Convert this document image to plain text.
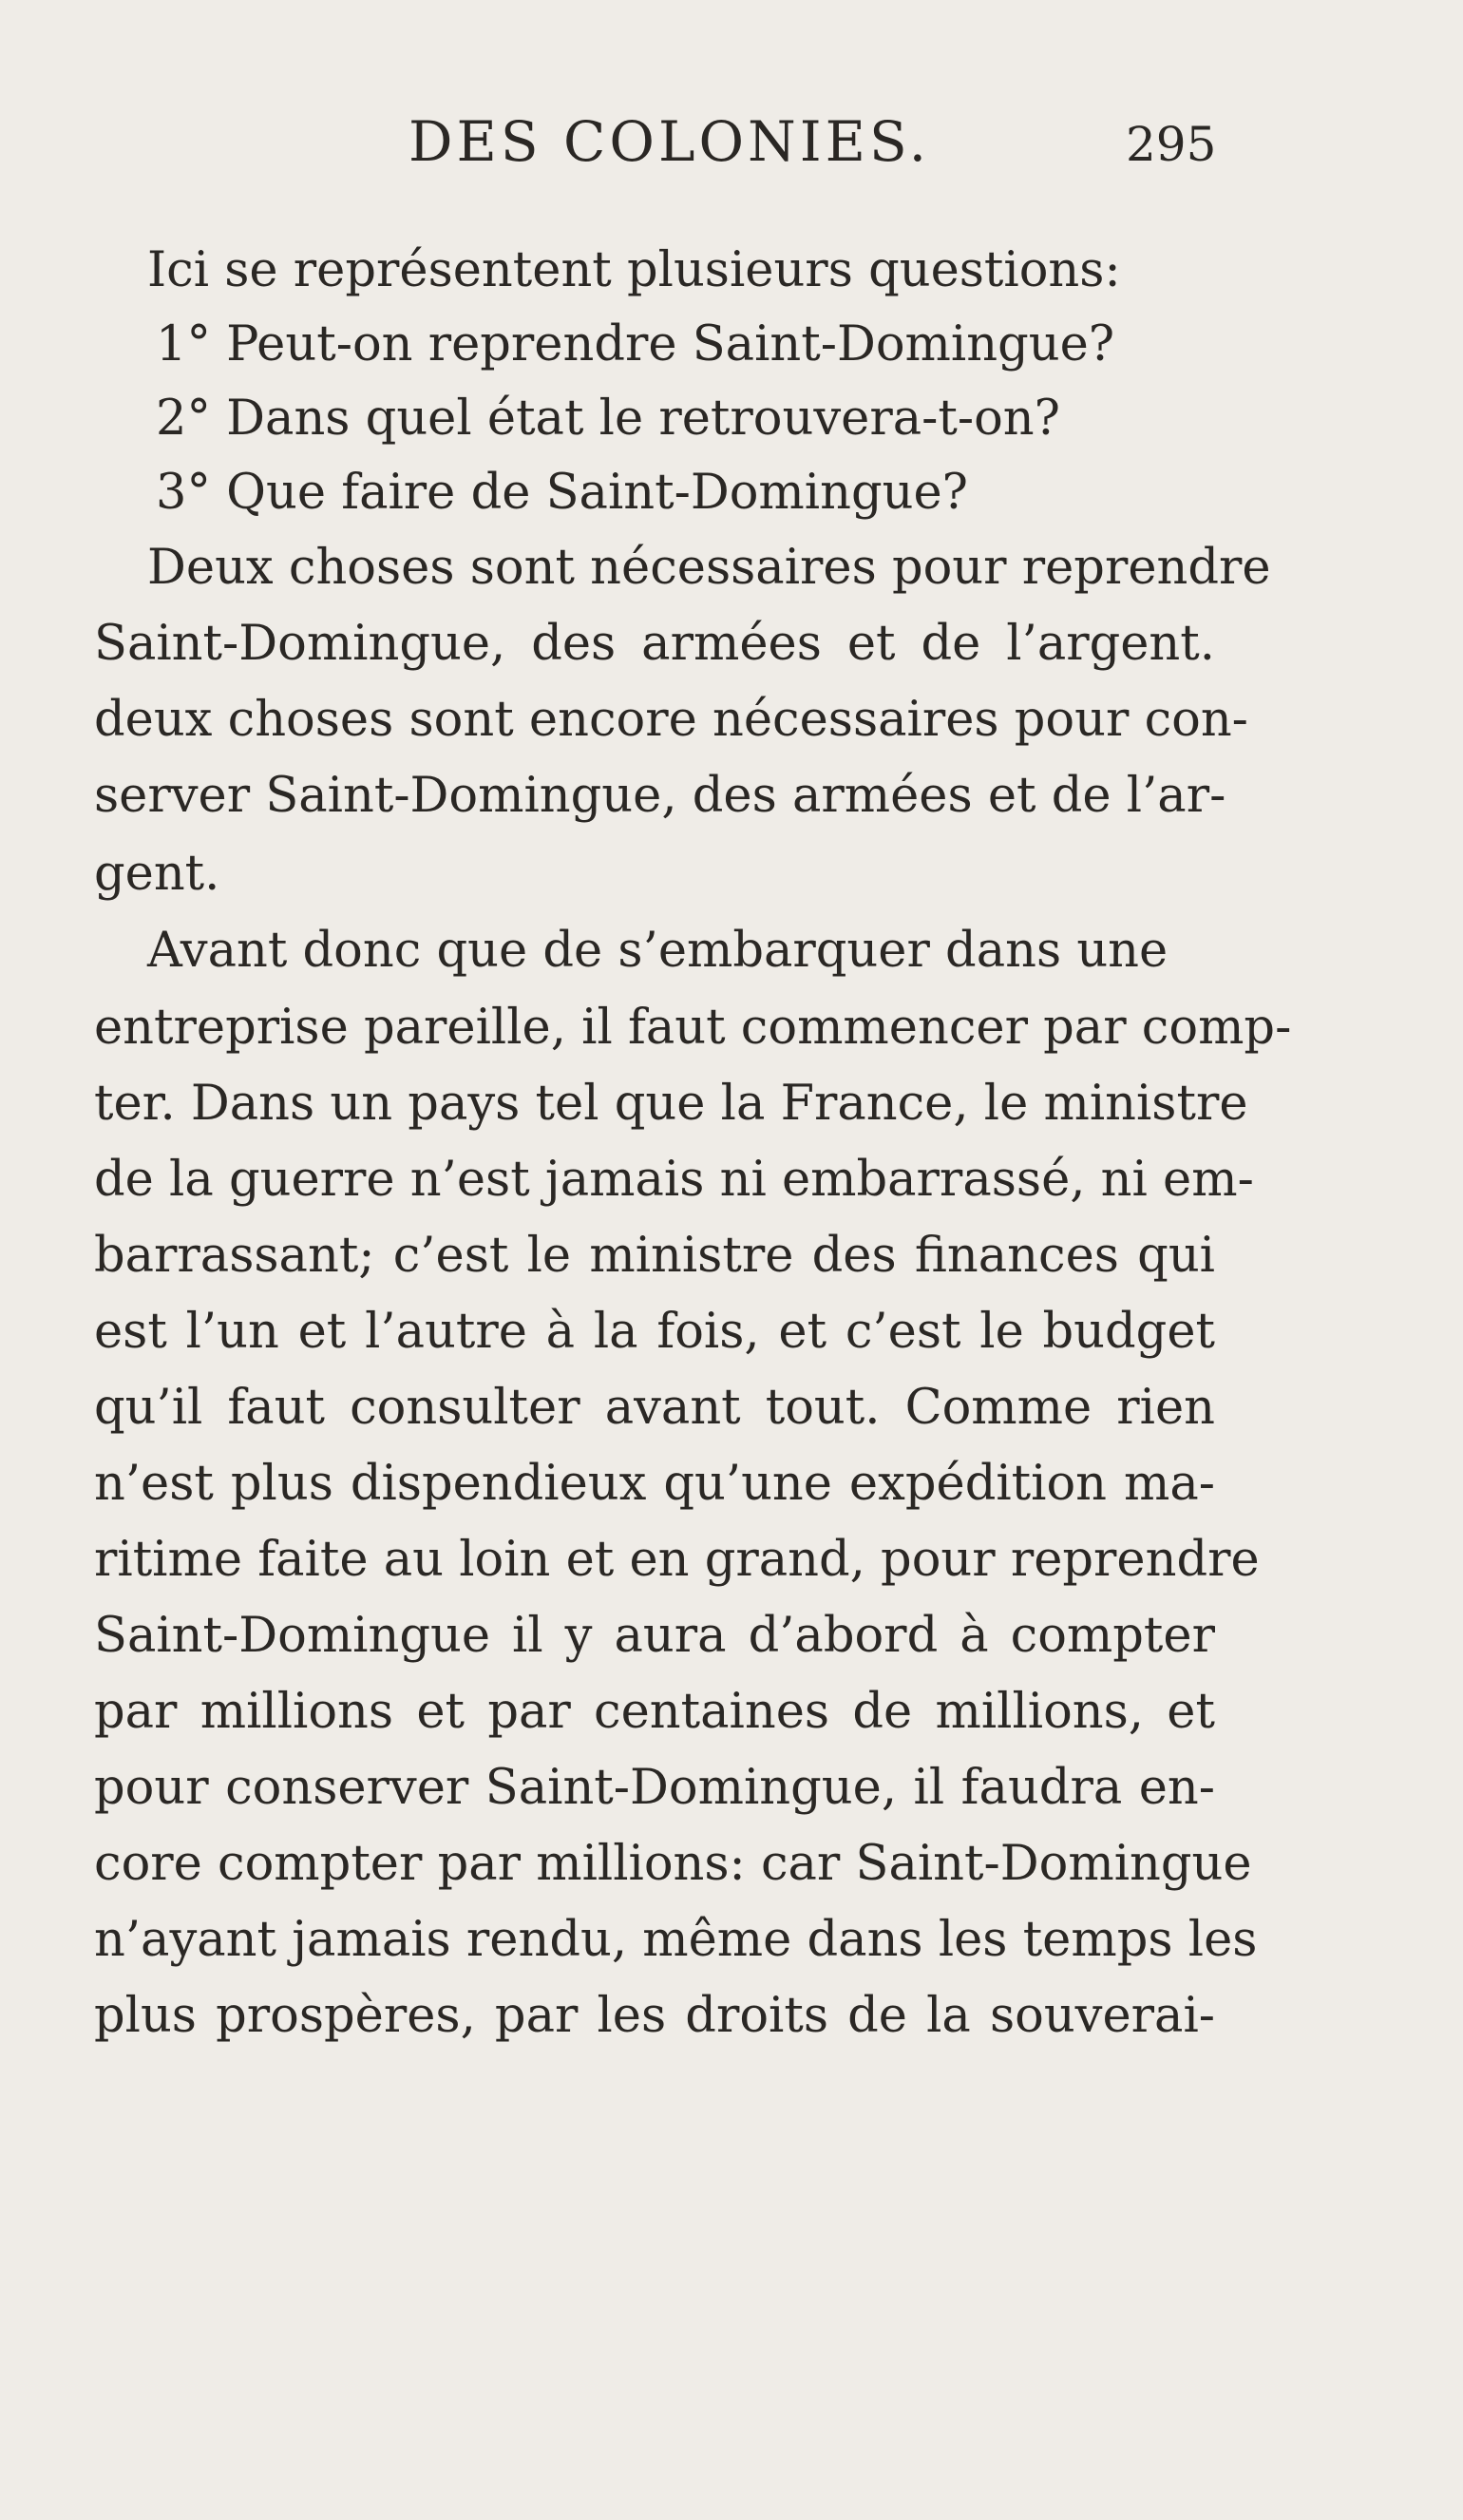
DES COLONIES.	295
Ici se représentent plusieurs questions:
1° Peut-on reprendre Saint-Domingue?
2° Dans quel état le retrouvera-t-on?
3° Que faire de Saint-Domingue?
Deux choses sont nécessaires pour reprendre
Saint-Domingue, des armées et de l’argent.
deux choses sont encore nécessaires pour con-
server Saint-Domingue, des armées et de l’ar-
gent.
Avant donc que de s’embarquer dans une
entreprise pareille, il faut commencer par comp-
ter. Dans un pays tel que la France, le ministre
de la guerre n’est jamais ni embarrassé, ni em-
barrassant; c’est le ministre des finances qui
est l’un et l’autre à la fois, et c’est le budget
qu’il faut consulter avant tout. Comme rien
n’est plus dispendieux qu’une expédition ma-
ritime faite au loin et en grand, pour reprendre
Saint-Domingue il y aura d’abord à compter
par millions et par centaines de millions, et
pour conserver Saint-Domingue, il faudra en-
core compter par millions: car Saint-Domingue
n’ayant jamais rendu, même dans les temps les
plus prospères, par les droits de la souverai-
